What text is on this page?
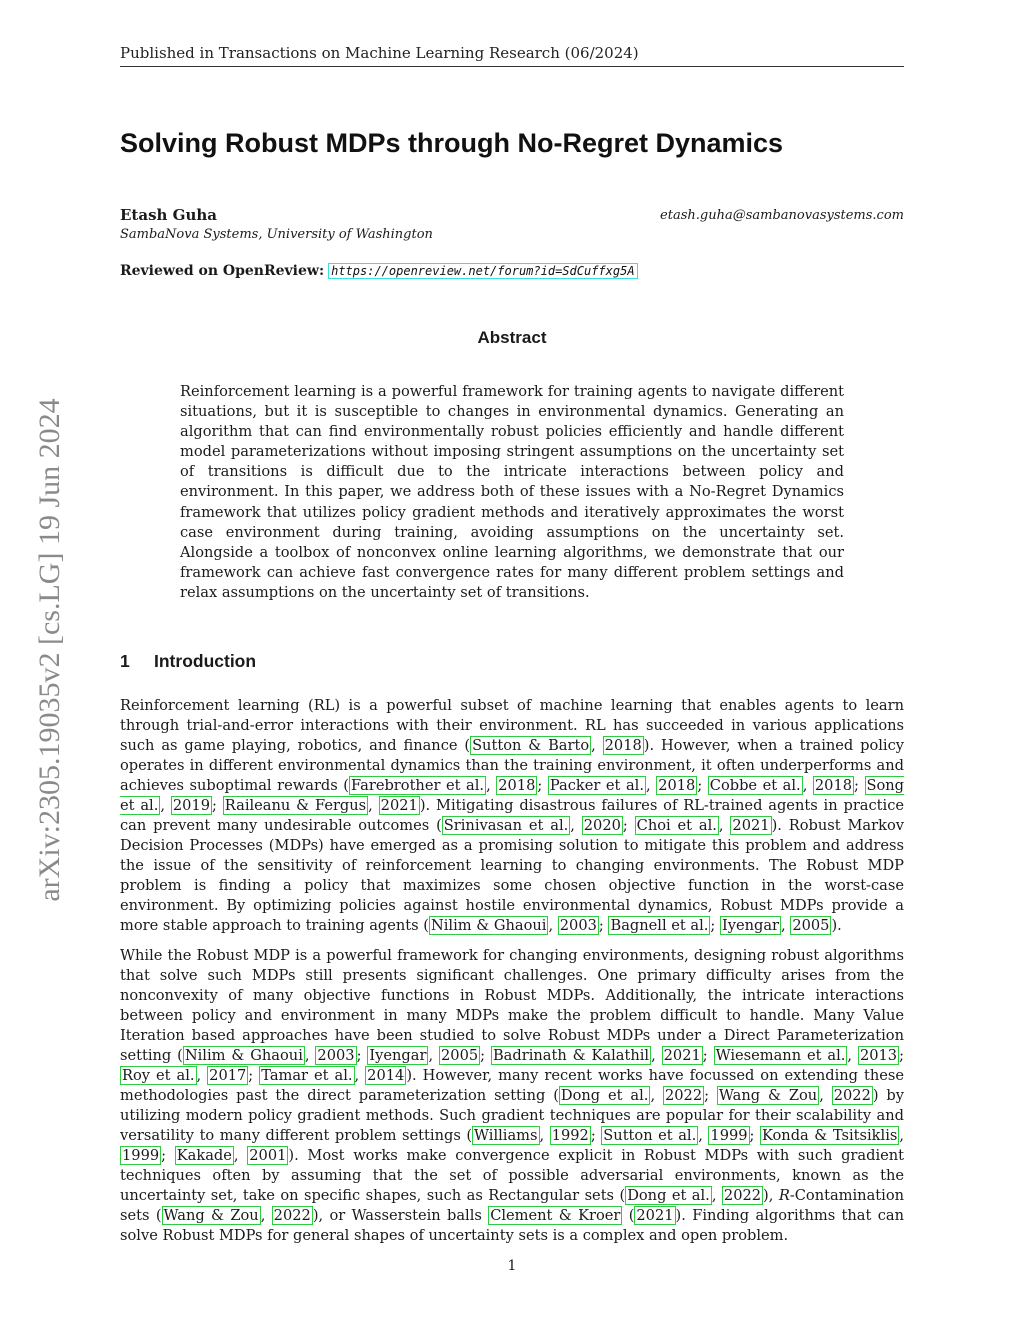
Published in Transactions on Machine Learning Research (06/2024)
arXiv:2305.19035v2 [cs.LG] 19 Jun 2024
Solving Robust MDPs through No-Regret Dynamics
Etash Guha	etash.guha@sambanovasystems.com
SambaNova Systems, University of Washington
Reviewed on OpenReview: https://openreview.net/forum?id=SdCuffxg5A
Abstract

Reinforcement learning is a powerful framework for training agents to navigate different situations, but it is susceptible to changes in environmental dynamics. Generating an algorithm that can find environmentally robust policies efficiently and handle different model parameterizations without imposing stringent assumptions on the uncertainty set of transitions is difficult due to the intricate interactions between policy and environment. In this paper, we address both of these issues with a No-Regret Dynamics framework that utilizes policy gradient methods and iteratively approximates the worst case environment during training, avoiding assumptions on the uncertainty set. Alongside a toolbox of nonconvex online learning algorithms, we demonstrate that our framework can achieve fast convergence rates for many different problem settings and relax assumptions on the uncertainty set of transitions.

1 Introduction
Reinforcement learning (RL) is a powerful subset of machine learning that enables agents to learn through trial-and-error interactions with their environment. RL has succeeded in various applications such as game playing, robotics, and finance ( Sutton & Barto , 2018 ). However, when a trained policy operates in different environmental dynamics than the training environment, it often underperforms and achieves suboptimal rewards ( Farebrother et al. , 2018 ; Packer et al. , 2018 ; Cobbe et al. , 2018 ; Song et al. , 2019 ; Raileanu & Fergus , 2021 ). Mitigating disastrous failures of RL-trained agents in practice can prevent many undesirable outcomes ( Srinivasan et al. , 2020 ; Choi et al. , 2021 ). Robust Markov Decision Processes (MDPs) have emerged as a promising solution to mitigate this problem and address the issue of the sensitivity of reinforcement learning to changing environments. The Robust MDP problem is finding a policy that maximizes some chosen objective function in the worst-case environment. By optimizing policies against hostile environmental dynamics, Robust MDPs provide a more stable approach to training agents ( Nilim & Ghaoui , 2003 ; Bagnell et al. ; Iyengar , 2005 ).
While the Robust MDP is a powerful framework for changing environments, designing robust algorithms that solve such MDPs still presents significant challenges. One primary difficulty arises from the nonconvexity of many objective functions in Robust MDPs. Additionally, the intricate interactions between policy and environment in many MDPs make the problem difficult to handle. Many Value Iteration based approaches have been studied to solve Robust MDPs under a Direct Parameterization setting ( Nilim & Ghaoui , 2003 ; Iyengar , 2005 ; Badrinath & Kalathil , 2021 ; Wiesemann et al. , 2013 ; Roy et al. , 2017 ; Tamar et al. , 2014 ). However, many recent works have focussed on extending these methodologies past the direct parameterization setting ( Dong et al. , 2022 ; Wang & Zou , 2022 ) by utilizing modern policy gradient methods. Such gradient techniques are popular for their scalability and versatility to many different problem settings ( Williams , 1992 ; Sutton et al. , 1999 ; Konda & Tsitsiklis , 1999 ; Kakade , 2001 ). Most works make convergence explicit in Robust MDPs with such gradient techniques often by assuming that the set of possible adversarial environments, known as the uncertainty set, take on specific shapes, such as Rectangular sets ( Dong et al. , 2022 ), R-Contamination sets ( Wang & Zou , 2022 ), or Wasserstein balls Clement & Kroer ( 2021 ). Finding algorithms that can solve Robust MDPs for general shapes of uncertainty sets is a complex and open problem.
1
